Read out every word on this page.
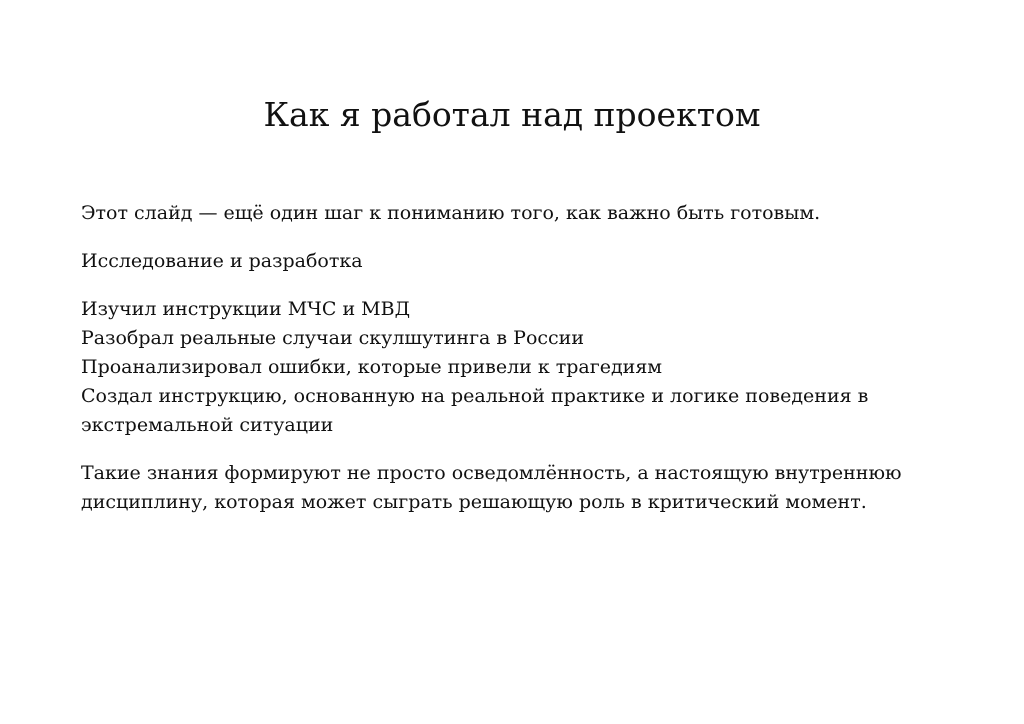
Как я работал над проектом

Этот слайд — ещё один шаг к пониманию того, как важно быть готовым.

Исследование и разработка

Изучил инструкции МЧС и МВД
Разобрал реальные случаи скулшутинга в России
Проанализировал ошибки, которые привели к трагедиям
Создал инструкцию, основанную на реальной практике и логике поведения в экстремальной ситуации

Такие знания формируют не просто осведомлённость, а настоящую внутреннюю дисциплину, которая может сыграть решающую роль в критический момент.
